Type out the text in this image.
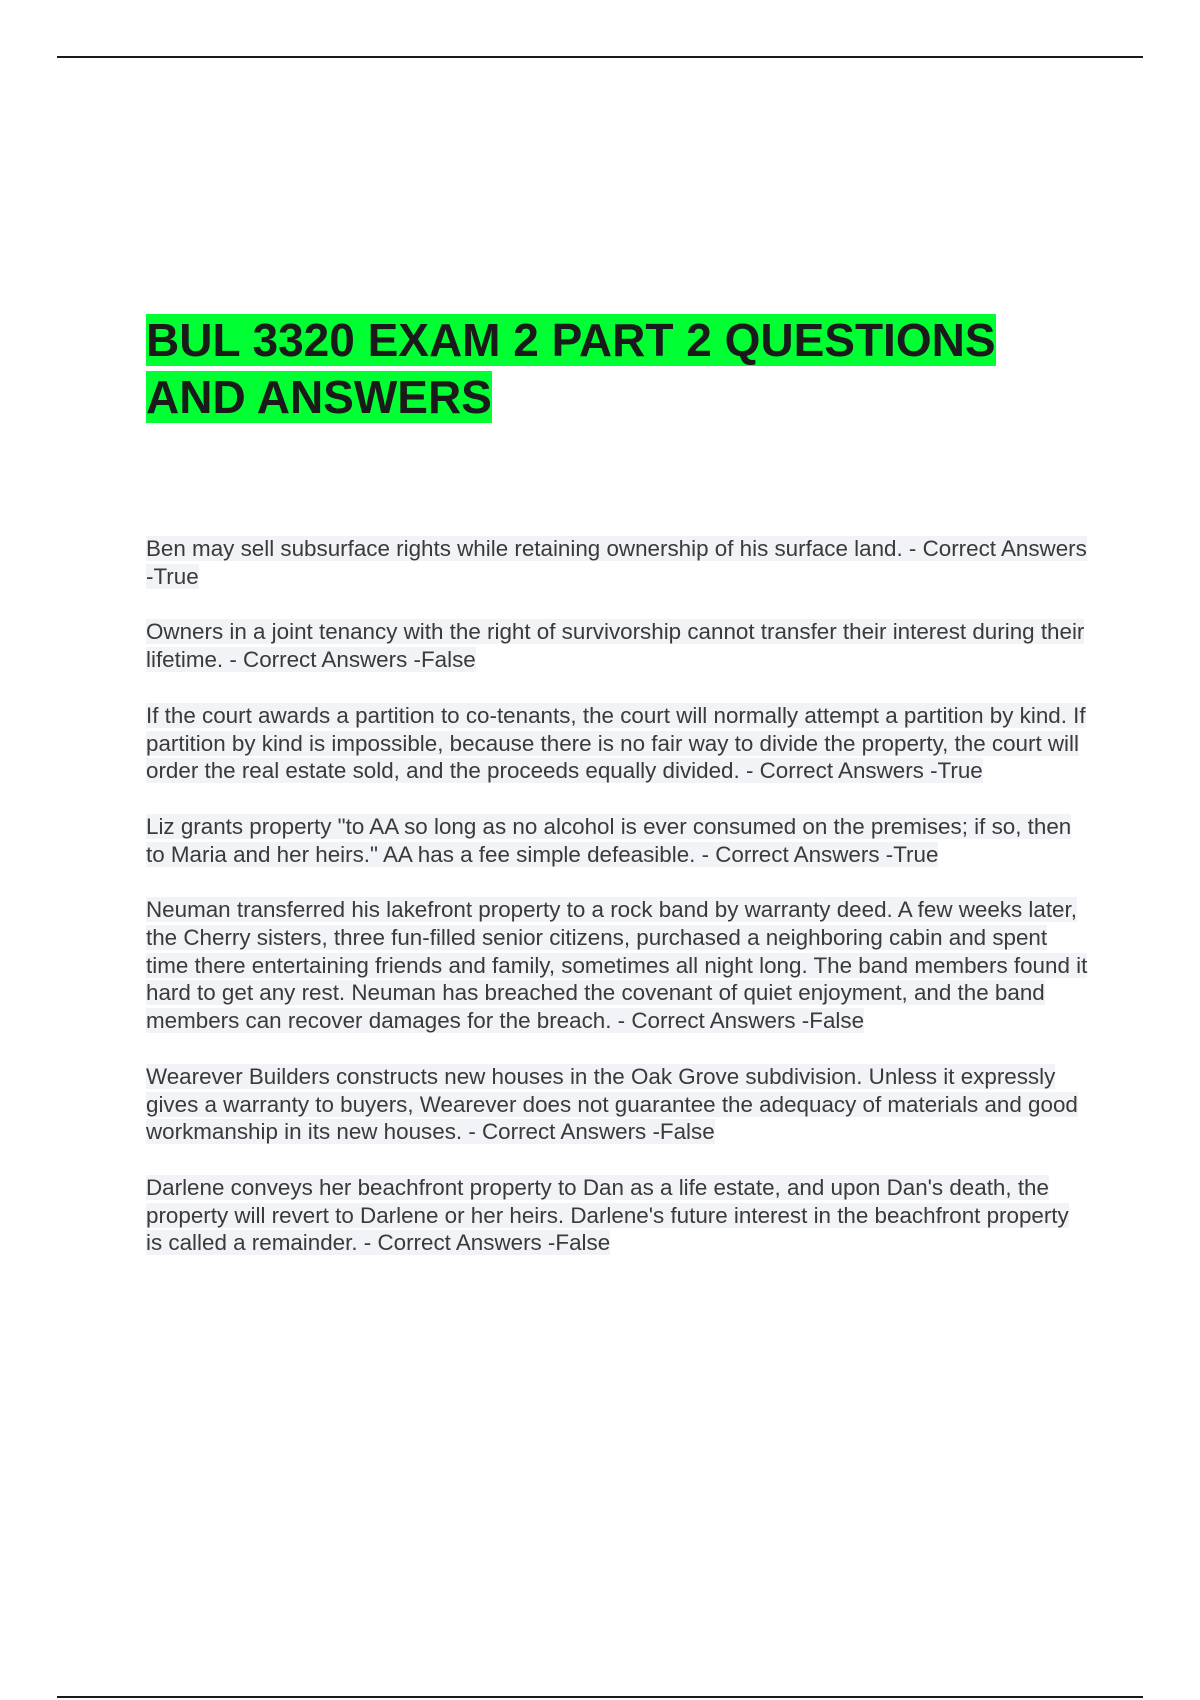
BUL 3320 EXAM 2 PART 2 QUESTIONS AND ANSWERS
Ben may sell subsurface rights while retaining ownership of his surface land. - Correct Answers -True
Owners in a joint tenancy with the right of survivorship cannot transfer their interest during their lifetime. - Correct Answers -False
If the court awards a partition to co-tenants, the court will normally attempt a partition by kind. If partition by kind is impossible, because there is no fair way to divide the property, the court will order the real estate sold, and the proceeds equally divided. - Correct Answers -True
Liz grants property "to AA so long as no alcohol is ever consumed on the premises; if so, then to Maria and her heirs." AA has a fee simple defeasible. - Correct Answers -True
Neuman transferred his lakefront property to a rock band by warranty deed. A few weeks later, the Cherry sisters, three fun-filled senior citizens, purchased a neighboring cabin and spent time there entertaining friends and family, sometimes all night long. The band members found it hard to get any rest. Neuman has breached the covenant of quiet enjoyment, and the band members can recover damages for the breach. - Correct Answers -False
Wearever Builders constructs new houses in the Oak Grove subdivision. Unless it expressly gives a warranty to buyers, Wearever does not guarantee the adequacy of materials and good workmanship in its new houses. - Correct Answers -False
Darlene conveys her beachfront property to Dan as a life estate, and upon Dan's death, the property will revert to Darlene or her heirs. Darlene's future interest in the beachfront property is called a remainder. - Correct Answers -False
